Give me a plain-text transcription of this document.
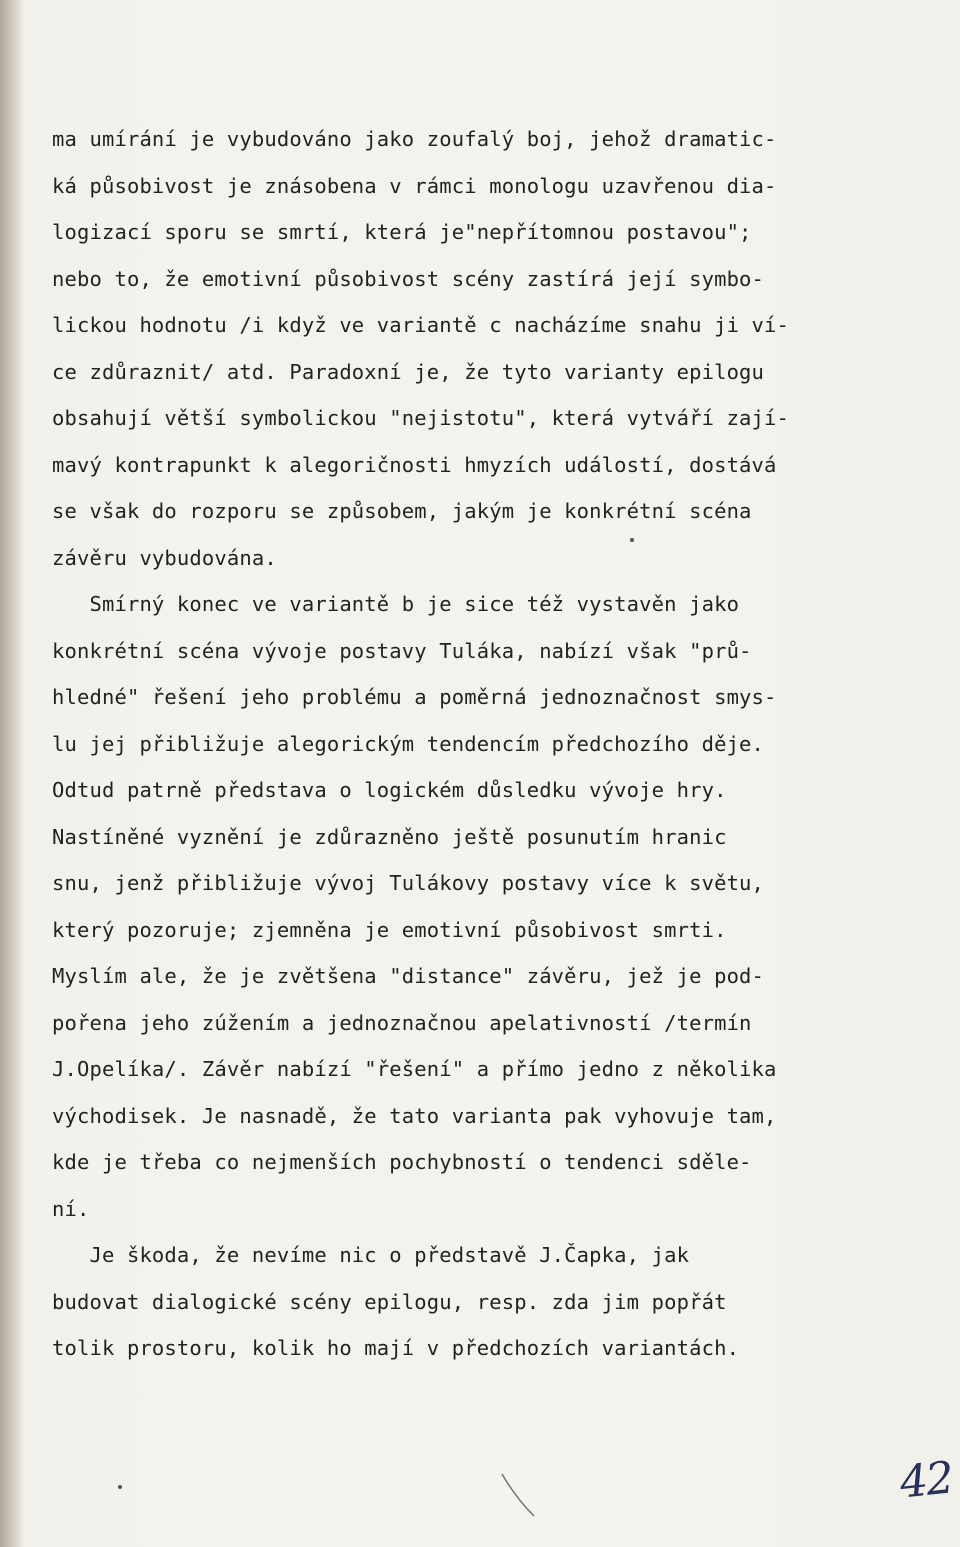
ma umírání je vybudováno jako zoufalý boj, jehož dramatic-
ká působivost je znásobena v rámci monologu uzavřenou dia-
logizací sporu se smrtí, která je"nepřítomnou postavou";
nebo to, že emotivní působivost scény zastírá její symbo-
lickou hodnotu /i když ve variantě c nacházíme snahu ji ví-
ce zdůraznit/ atd. Paradoxní je, že tyto varianty epilogu
obsahují větší symbolickou "nejistotu", která vytváří zají-
mavý kontrapunkt k alegoričnosti hmyzích událostí, dostává
se však do rozporu se způsobem, jakým je konkrétní scéna
závěru vybudována.
Smírný konec ve variantě b je sice též vystavěn jako
konkrétní scéna vývoje postavy Tuláka, nabízí však "prů-
hledné" řešení jeho problému a poměrná jednoznačnost smys-
lu jej přibližuje alegorickým tendencím předchozího děje.
Odtud patrně představa o logickém důsledku vývoje hry.
Nastíněné vyznění je zdůrazněno ještě posunutím hranic
snu, jenž přibližuje vývoj Tulákovy postavy více k světu,
který pozoruje; zjemněna je emotivní působivost smrti.
Myslím ale, že je zvětšena "distance" závěru, jež je pod-
pořena jeho zúžením a jednoznačnou apelativností /termín
J.Opelíka/. Závěr nabízí "řešení" a přímo jedno z několika
východisek. Je nasnadě, že tato varianta pak vyhovuje tam,
kde je třeba co nejmenších pochybností o tendenci sděle-
ní.
Je škoda, že nevíme nic o představě J.Čapka, jak
budovat dialogické scény epilogu, resp. zda jim popřát
tolik prostoru, kolik ho mají v předchozích variantách.
42
